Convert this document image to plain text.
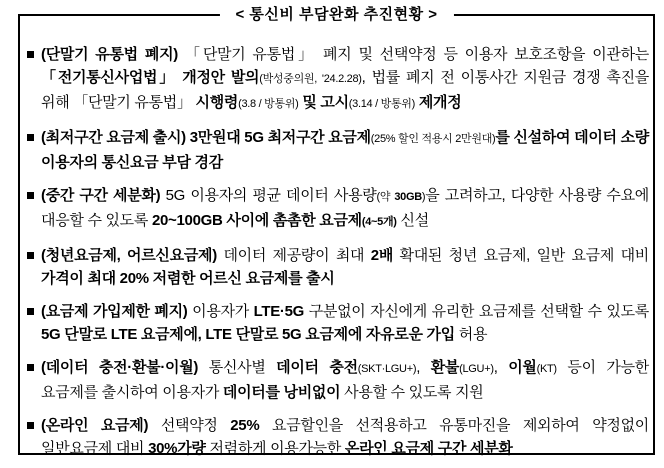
< 통신비 부담완화 추진현황 >
(단말기 유통법 폐지) 「단말기 유통법」 폐지 및 선택약정 등 이용자 보호조항을 이관하는 「전기통신사업법」 개정안 발의(박성중의원, '24.2.28), 법률 폐지 전 이통사간 지원금 경쟁 촉진을 위해 「단말기 유통법」 시행령(3.8 / 방통위) 및 고시(3.14 / 방통위) 제개정
(최저구간 요금제 출시) 3만원대 5G 최저구간 요금제(25% 할인 적용시 2만원대)를 신설하여 데이터 소량 이용자의 통신요금 부담 경감
(중간 구간 세분화) 5G 이용자의 평균 데이터 사용량(약 30GB)을 고려하고, 다양한 사용량 수요에 대응할 수 있도록 20~100GB 사이에 촘촘한 요금제(4~5개) 신설
(청년요금제, 어르신요금제) 데이터 제공량이 최대 2배 확대된 청년 요금제, 일반 요금제 대비 가격이 최대 20% 저렴한 어르신 요금제를 출시
(요금제 가입제한 폐지) 이용자가 LTE·5G 구분없이 자신에게 유리한 요금제를 선택할 수 있도록 5G 단말로 LTE 요금제에, LTE 단말로 5G 요금제에 자유로운 가입 허용
(데이터 충전·환불·이월) 통신사별 데이터 충전(SKT·LGU+), 환불(LGU+), 이월(KT) 등이 가능한 요금제를 출시하여 이용자가 데이터를 낭비없이 사용할 수 있도록 지원
(온라인 요금제) 선택약정 25% 요금할인을 선적용하고 유통마진을 제외하여 약정없이 일반요금제 대비 30%가량 저렴하게 이용가능한 온라인 요금제 구간 세분화
